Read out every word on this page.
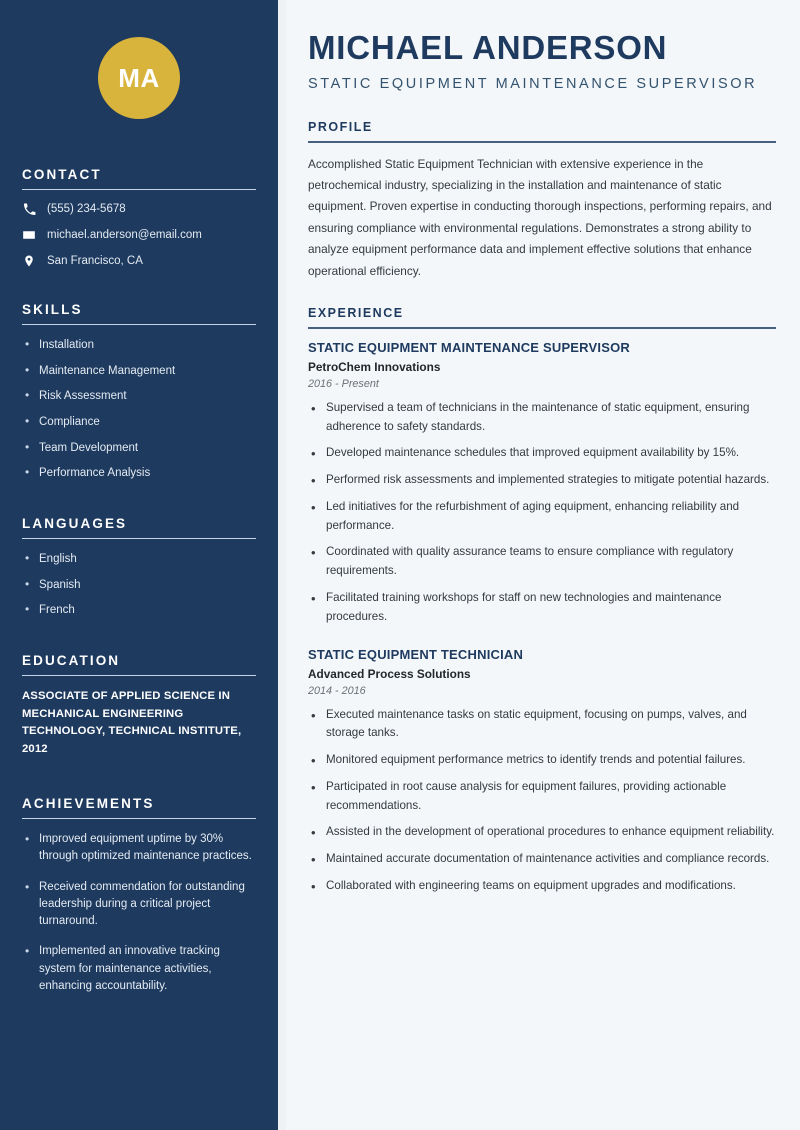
MA
CONTACT
(555) 234-5678
michael.anderson@email.com
San Francisco, CA
SKILLS
• Installation
• Maintenance Management
• Risk Assessment
• Compliance
• Team Development
• Performance Analysis
LANGUAGES
• English
• Spanish
• French
EDUCATION
ASSOCIATE OF APPLIED SCIENCE IN MECHANICAL ENGINEERING TECHNOLOGY, TECHNICAL INSTITUTE, 2012
ACHIEVEMENTS
• Improved equipment uptime by 30% through optimized maintenance practices.
• Received commendation for outstanding leadership during a critical project turnaround.
• Implemented an innovative tracking system for maintenance activities, enhancing accountability.
MICHAEL ANDERSON
STATIC EQUIPMENT MAINTENANCE SUPERVISOR
PROFILE

Accomplished Static Equipment Technician with extensive experience in the petrochemical industry, specializing in the installation and maintenance of static equipment. Proven expertise in conducting thorough inspections, performing repairs, and ensuring compliance with environmental regulations. Demonstrates a strong ability to analyze equipment performance data and implement effective solutions that enhance operational efficiency.

EXPERIENCE
STATIC EQUIPMENT MAINTENANCE SUPERVISOR
PetroChem Innovations
2016 - Present
• Supervised a team of technicians in the maintenance of static equipment, ensuring adherence to safety standards.
• Developed maintenance schedules that improved equipment availability by 15%.
• Performed risk assessments and implemented strategies to mitigate potential hazards.
• Led initiatives for the refurbishment of aging equipment, enhancing reliability and performance.
• Coordinated with quality assurance teams to ensure compliance with regulatory requirements.
• Facilitated training workshops for staff on new technologies and maintenance procedures.
STATIC EQUIPMENT TECHNICIAN
Advanced Process Solutions
2014 - 2016
• Executed maintenance tasks on static equipment, focusing on pumps, valves, and storage tanks.
• Monitored equipment performance metrics to identify trends and potential failures.
• Participated in root cause analysis for equipment failures, providing actionable recommendations.
• Assisted in the development of operational procedures to enhance equipment reliability.
• Maintained accurate documentation of maintenance activities and compliance records.
• Collaborated with engineering teams on equipment upgrades and modifications.
